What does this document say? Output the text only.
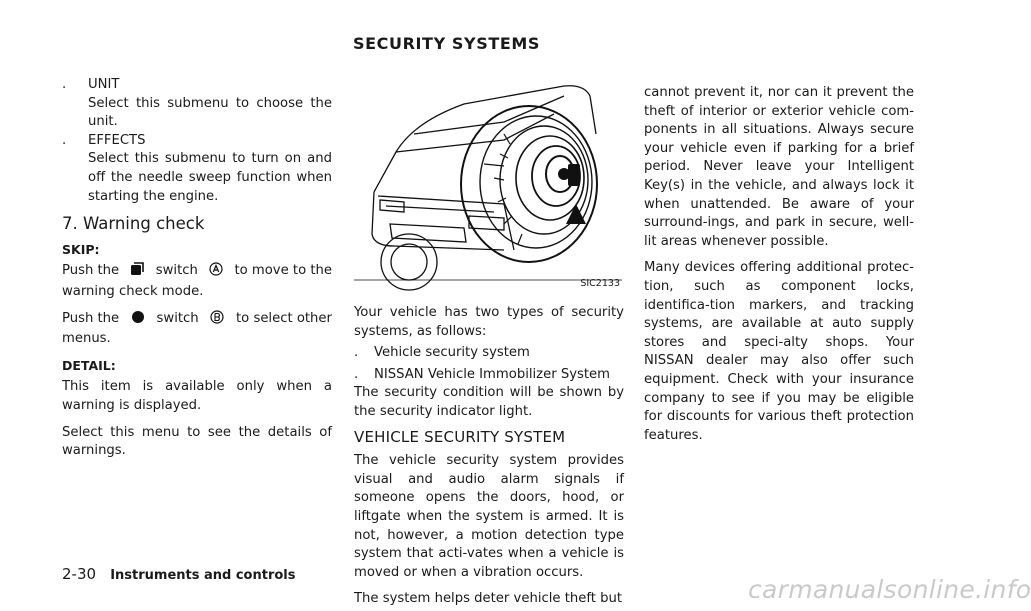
SECURITY SYSTEMS
. UNIT

Select this submenu to choose the unit.

. EFFECTS

Select this submenu to turn on and off the needle sweep function when starting the engine.

7. Warning check

SKIP:

Push the	switch	to move to the

warning check mode.

Push the	switch	to select other

menus.

DETAIL:

This item is available only when a warning is displayed.

Select this menu to see the details of warnings.

SIC2133

Your vehicle has two types of security systems, as follows:

. Vehicle security system
. NISSAN Vehicle Immobilizer System

The security condition will be shown by the security indicator light.

VEHICLE SECURITY SYSTEM

The vehicle security system provides visual and audio alarm signals if someone opens the doors, hood, or liftgate when the system is armed. It is not, however, a motion detection type system that acti-vates when a vehicle is moved or when a vibration occurs.

The system helps deter vehicle theft but

cannot prevent it, nor can it prevent the theft of interior or exterior vehicle com-ponents in all situations. Always secure your vehicle even if parking for a brief period. Never leave your Intelligent Key(s) in the vehicle, and always lock it when unattended. Be aware of your surround-ings, and park in secure, well-lit areas whenever possible.

Many devices offering additional protec-tion, such as component locks, identifica-tion markers, and tracking systems, are available at auto supply stores and speci-alty shops. Your NISSAN dealer may also offer such equipment. Check with your insurance company to see if you may be eligible for discounts for various theft protection features.

2-30 Instruments and controls	carmanualsonline.info
